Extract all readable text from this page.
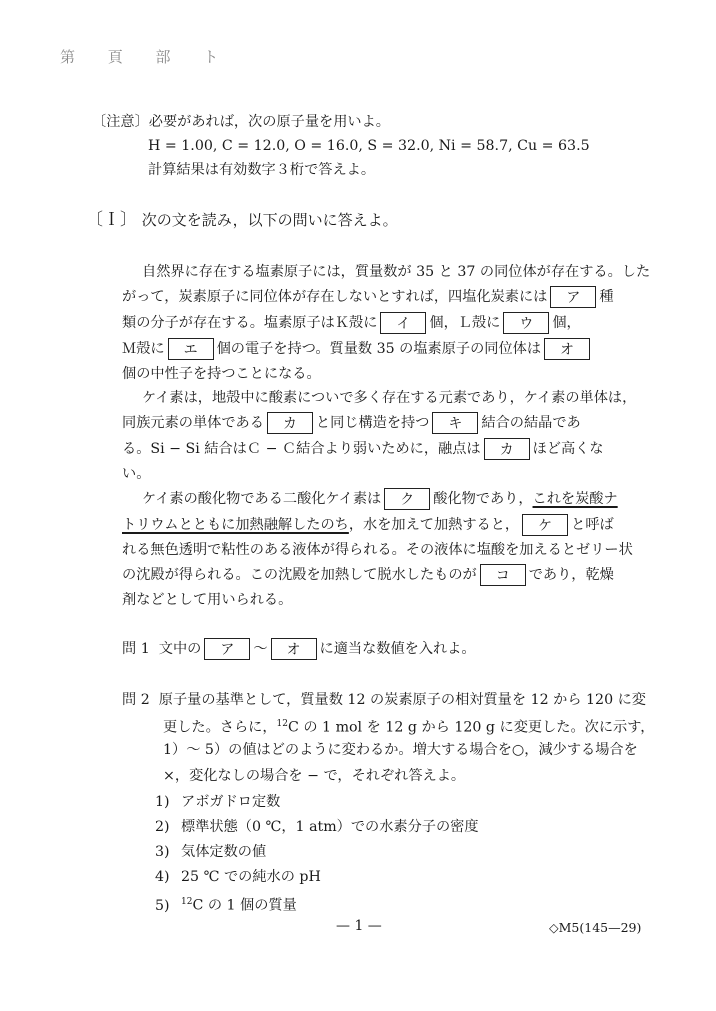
第 頁 部 ト
〔注意〕必要があれば，次の原子量を用いよ。
H = 1.00, C = 12.0, O = 16.0, S = 32.0, Ni = 58.7, Cu = 63.5
計算結果は有効数字３桁で答えよ。
〔Ｉ〕 次の文を読み，以下の問いに答えよ。
自然界に存在する塩素原子には，質量数が 35 と 37 の同位体が存在する。した
がって，炭素原子に同位体が存在しないとすれば，四塩化炭素には ア 種
類の分子が存在する。塩素原子はＫ殻に イ 個，Ｌ殻に ウ 個，
Ｍ殻に エ 個の電子を持つ。質量数 35 の塩素原子の同位体は オ
個の中性子を持つことになる。
ケイ素は，地殻中に酸素についで多く存在する元素であり，ケイ素の単体は，
同族元素の単体である カ と同じ構造を持つ キ 結合の結晶であ
る。Si − Si 結合はＣ − Ｃ結合より弱いために，融点は カ ほど高くな
い。
ケイ素の酸化物である二酸化ケイ素は ク 酸化物であり，これを炭酸ナ
トリウムとともに加熱融解したのち，水を加えて加熱すると， ケ と呼ば
れる無色透明で粘性のある液体が得られる。その液体に塩酸を加えるとゼリー状
の沈殿が得られる。この沈殿を加熱して脱水したものが コ であり，乾燥
剤などとして用いられる。
問 1 文中の ア 〜 オ に適当な数値を入れよ。
問 2 原子量の基準として，質量数 12 の炭素原子の相対質量を 12 から 120 に変
更した。さらに，$^{12}$C の 1 mol を 12 g から 120 g に変更した。次に示す，
1）〜 5）の値はどのように変わるか。増大する場合を○，減少する場合を
×，変化なしの場合を − で，それぞれ答えよ。
1) アボガドロ定数
2) 標準状態（0 ℃，1 atm）での水素分子の密度
3) 気体定数の値
4) 25 ℃ での純水の pH
5) $^{12}$C の 1 個の質量
— 1 —	◇M5(145—29)
